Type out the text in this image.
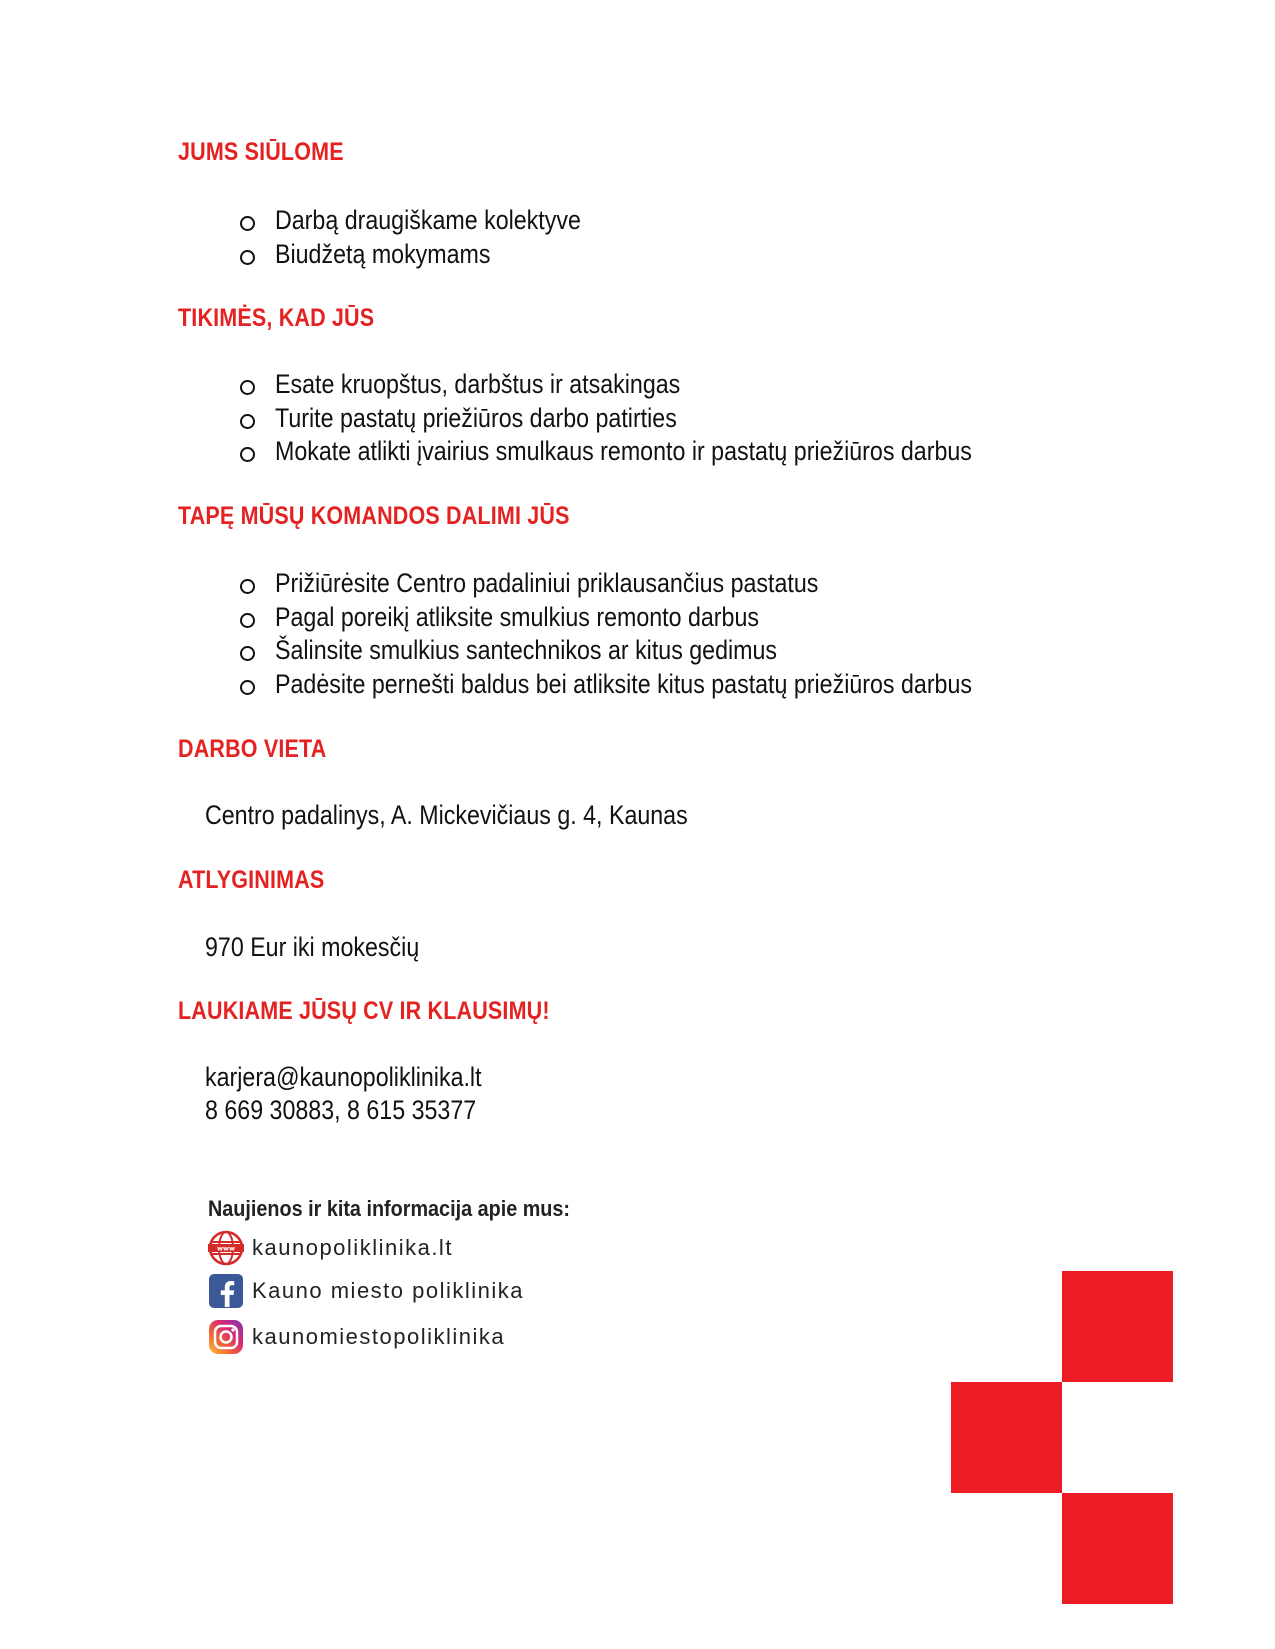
JUMS SIŪLOME
Darbą draugiškame kolektyve
Biudžetą mokymams
TIKIMĖS, KAD JŪS
Esate kruopštus, darbštus ir atsakingas
Turite pastatų priežiūros darbo patirties
Mokate atlikti įvairius smulkaus remonto ir pastatų priežiūros darbus
TAPĘ MŪSŲ KOMANDOS DALIMI JŪS
Prižiūrėsite Centro padaliniui priklausančius pastatus
Pagal poreikį atliksite smulkius remonto darbus
Šalinsite smulkius santechnikos ar kitus gedimus
Padėsite pernešti baldus bei atliksite kitus pastatų priežiūros darbus
DARBO VIETA
Centro padalinys, A. Mickevičiaus g. 4, Kaunas
ATLYGINIMAS
970 Eur iki mokesčių
LAUKIAME JŪSŲ CV IR KLAUSIMŲ!
karjera@kaunopoliklinika.lt
8 669 30883, 8 615 35377
Naujienos ir kita informacija apie mus:
www kaunopoliklinika.lt
Kauno miesto poliklinika
kaunomiestopoliklinika
